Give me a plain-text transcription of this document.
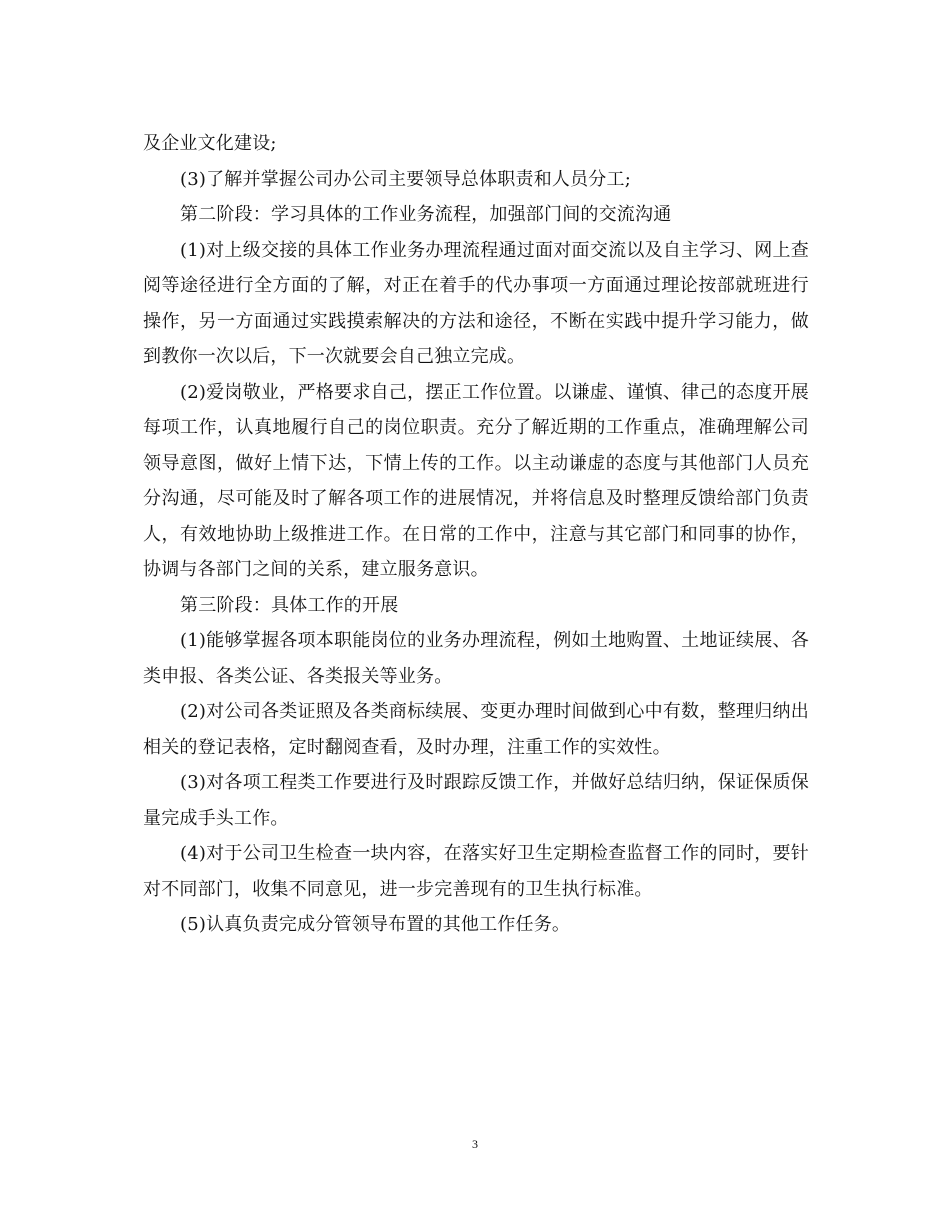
及企业文化建设;

(3)了解并掌握公司办公司主要领导总体职责和人员分工;

第二阶段：学习具体的工作业务流程，加强部门间的交流沟通

(1)对上级交接的具体工作业务办理流程通过面对面交流以及自主学习、网上查阅等途径进行全方面的了解，对正在着手的代办事项一方面通过理论按部就班进行操作，另一方面通过实践摸索解决的方法和途径，不断在实践中提升学习能力，做到教你一次以后，下一次就要会自己独立完成。

(2)爱岗敬业，严格要求自己，摆正工作位置。以谦虚、谨慎、律己的态度开展每项工作，认真地履行自己的岗位职责。充分了解近期的工作重点，准确理解公司领导意图，做好上情下达，下情上传的工作。以主动谦虚的态度与其他部门人员充分沟通，尽可能及时了解各项工作的进展情况，并将信息及时整理反馈给部门负责人，有效地协助上级推进工作。在日常的工作中，注意与其它部门和同事的协作，协调与各部门之间的关系，建立服务意识。

第三阶段：具体工作的开展

(1)能够掌握各项本职能岗位的业务办理流程，例如土地购置、土地证续展、各类申报、各类公证、各类报关等业务。

(2)对公司各类证照及各类商标续展、变更办理时间做到心中有数，整理归纳出相关的登记表格，定时翻阅查看，及时办理，注重工作的实效性。

(3)对各项工程类工作要进行及时跟踪反馈工作，并做好总结归纳，保证保质保量完成手头工作。

(4)对于公司卫生检查一块内容，在落实好卫生定期检查监督工作的同时，要针对不同部门，收集不同意见，进一步完善现有的卫生执行标准。

(5)认真负责完成分管领导布置的其他工作任务。

3
